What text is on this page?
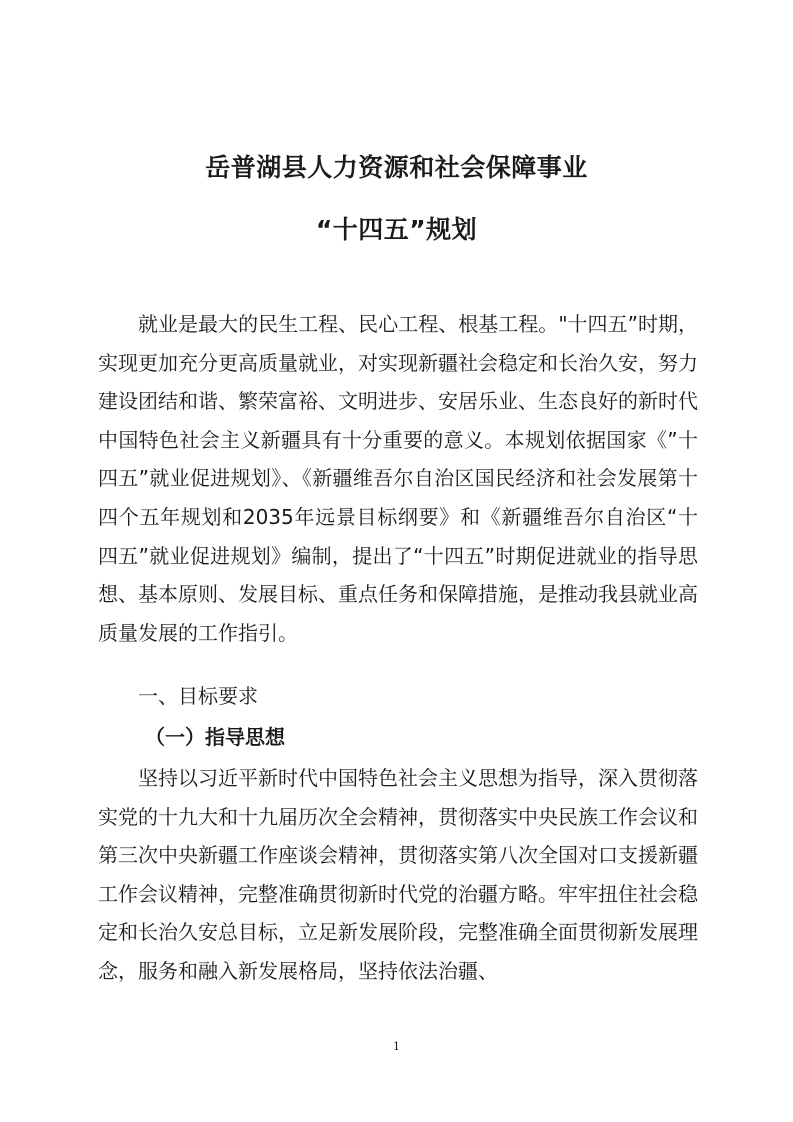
岳普湖县人力资源和社会保障事业
“十四五”规划
就业是最大的民生工程、民心工程、根基工程。"十四五”时期，实现更加充分更高质量就业，对实现新疆社会稳定和长治久安，努力建设团结和谐、繁荣富裕、文明进步、安居乐业、生态良好的新时代中国特色社会主义新疆具有十分重要的意义。本规划依据国家《”十四五”就业促进规划》、《新疆维吾尔自治区国民经济和社会发展第十四个五年规划和2035年远景目标纲要》和《新疆维吾尔自治区“十四五”就业促进规划》编制，提出了“十四五”时期促进就业的指导思想、基本原则、发展目标、重点任务和保障措施，是推动我县就业高质量发展的工作指引。
一、目标要求
（一）指导思想
坚持以习近平新时代中国特色社会主义思想为指导，深入贯彻落实党的十九大和十九届历次全会精神，贯彻落实中央民族工作会议和第三次中央新疆工作座谈会精神，贯彻落实第八次全国对口支援新疆工作会议精神，完整准确贯彻新时代党的治疆方略。牢牢扭住社会稳定和长治久安总目标，立足新发展阶段，完整准确全面贯彻新发展理念，服务和融入新发展格局，坚持依法治疆、
1
